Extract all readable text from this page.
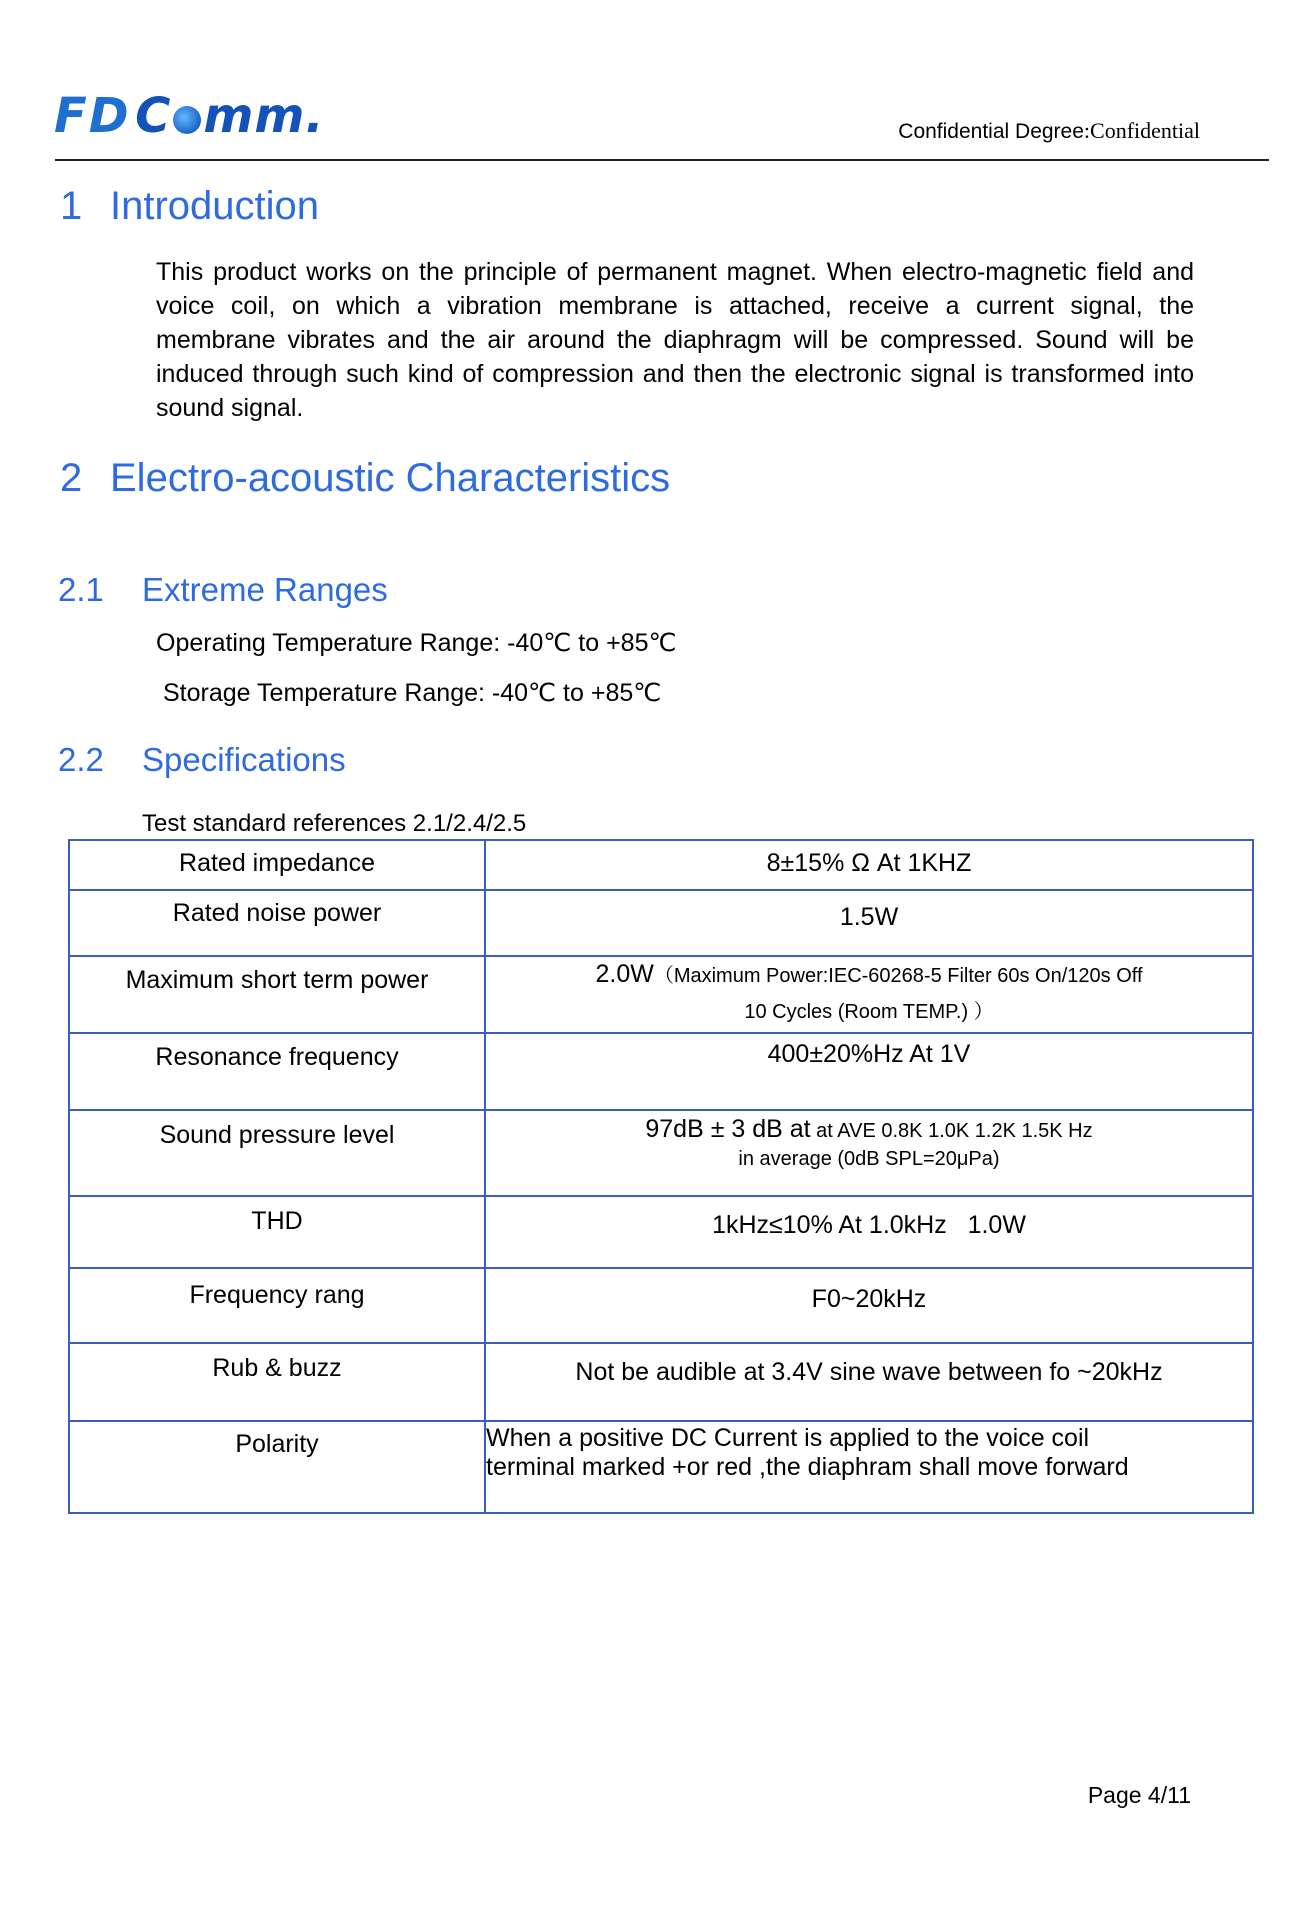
FD C mm.	Confidential Degree:Confidential
1 Introduction
This product works on the principle of permanent magnet. When electro-magnetic field and voice coil, on which a vibration membrane is attached, receive a current signal, the membrane vibrates and the air around the diaphragm will be compressed. Sound will be induced through such kind of compression and then the electronic signal is transformed into sound signal.
2 Electro-acoustic Characteristics
2.1 Extreme Ranges
Operating Temperature Range: -40℃ to +85℃
Storage Temperature Range: -40℃ to +85℃
2.2 Specifications
Test standard references 2.1/2.4/2.5
Rated impedance	8±15% Ω At 1KHZ

Rated noise power	1.5W

Maximum short term power	2.0W（Maximum Power:IEC-60268-5 Filter 60s On/120s Off
10 Cycles (Room TEMP.) ）

Resonance frequency	400±20%Hz At 1V

Sound pressure level	97dB ± 3 dB at at AVE 0.8K 1.0K 1.2K 1.5K Hz
in average (0dB SPL=20μPa)

THD	1kHz≤10% At 1.0kHz   1.0W

Frequency rang	F0~20kHz

Rub & buzz	Not be audible at 3.4V sine wave between fo ~20kHz

Polarity	When a positive DC Current is applied to the voice coil
terminal marked +or red ,the diaphram shall move forward
Page 4/11
